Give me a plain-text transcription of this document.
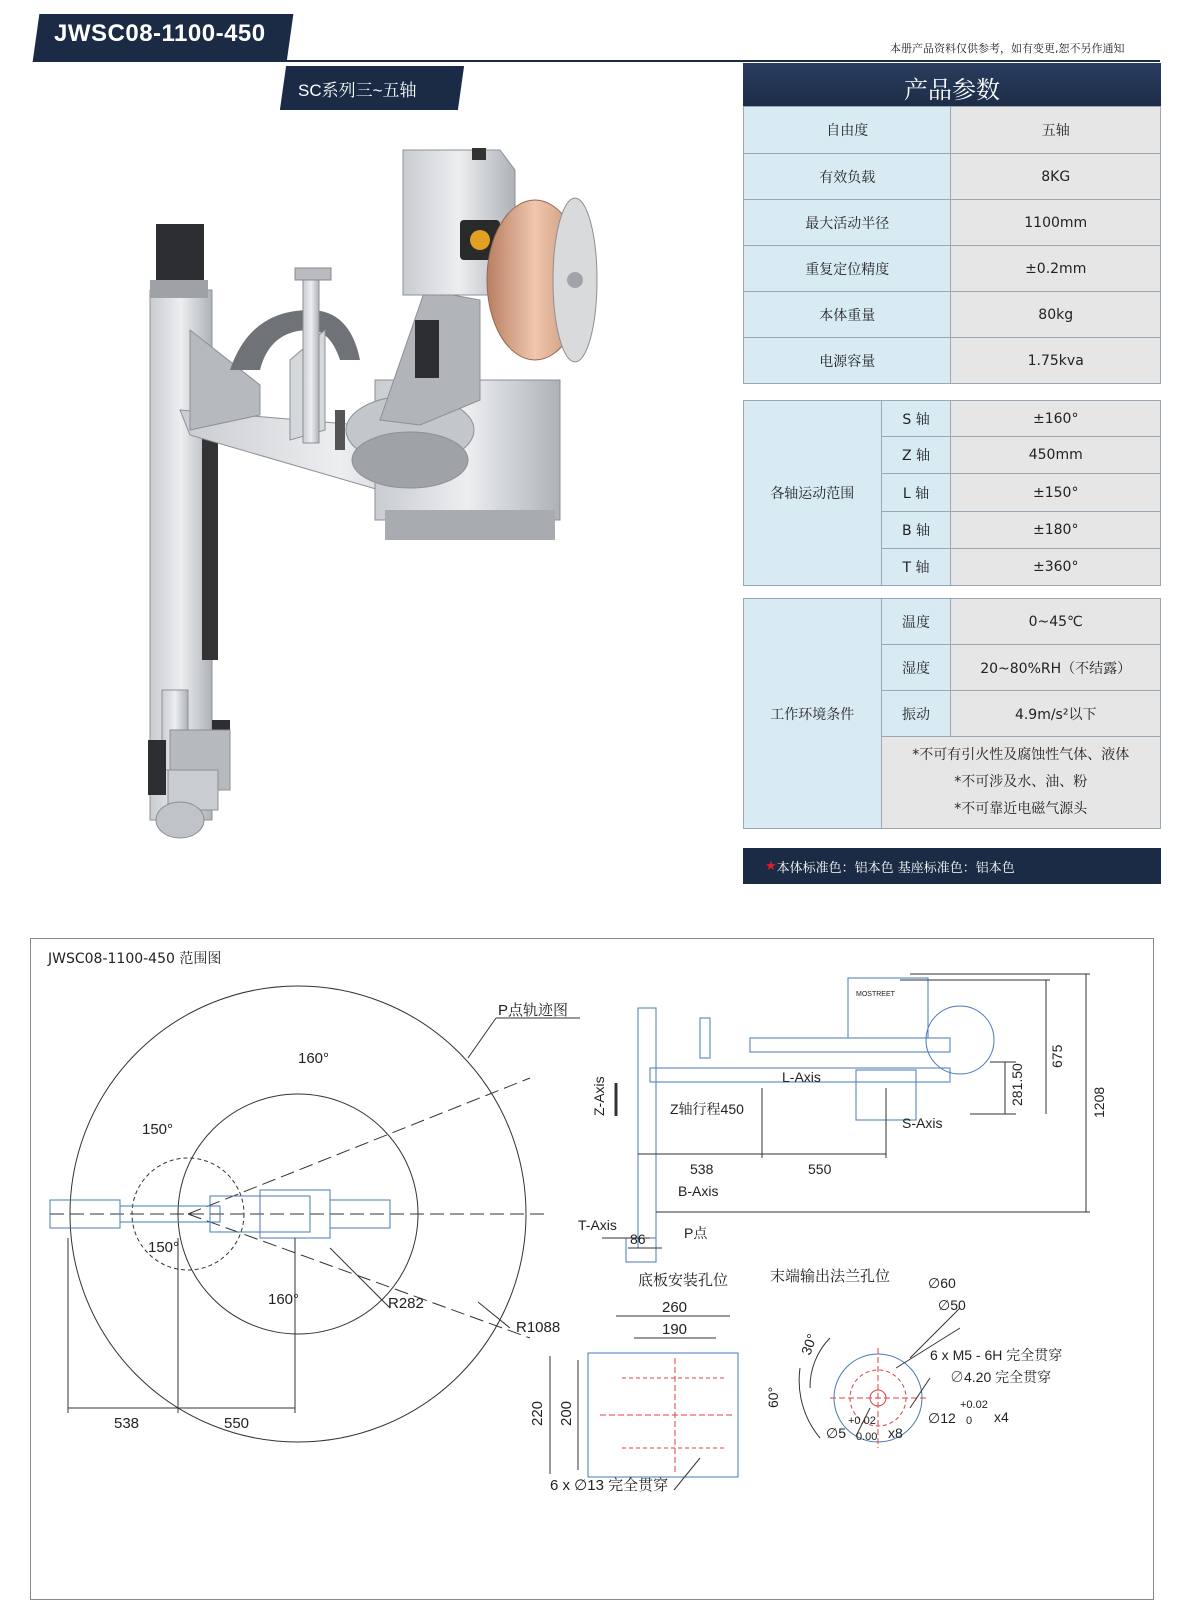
JWSC08-1100-450
本册产品资料仅供参考，如有变更,恕不另作通知
SC系列三~五轴	产品参数
自由度	五轴
有效负载	8KG
最大活动半径	1100mm
重复定位精度	±0.2mm
本体重量	80kg
电源容量	1.75kva
各轴运动范围	S 轴	±160°
	Z 轴	450mm
	L 轴	±150°
	B 轴	±180°
	T 轴	±360°
工作环境条件	温度	0~45℃
	湿度	20~80%RH（不结露）
	振动	4.9m/s²以下

	*不可有引火性及腐蚀性气体、液体
*不可涉及水、油、粉
*不可靠近电磁气源头	
★ 本体标准色：铝本色 基座标准色：铝本色
JWSC08-1100-450 范围图
P点轨迹图
160°
150°
150°
160°	R282
R1088
538	550
Z-Axis	Z轴行程450
L-Axis
S-Axis
B-Axis
T-Axis	P点
538	550
86
281.50
675
1208
MOSTREET
底板安装孔位
260
190
220 200
6 x ∅13 完全贯穿
末端输出法兰孔位	∅60
∅50
6 x M5 - 6H 完全贯穿
∅4.20 完全贯穿
∅12
+0.02
0 x4
∅5
+0.02
0.00 x8
60°
30°
